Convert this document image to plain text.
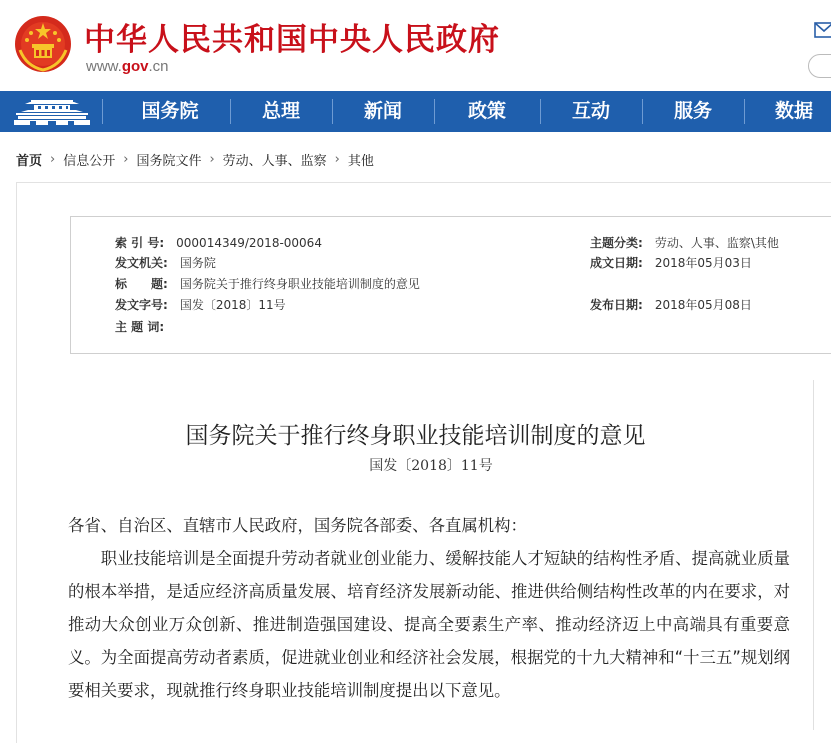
中华人民共和国中央人民政府
www.gov.cn
国务院	总理	新闻	政策	互动	服务	数据
首页 › 信息公开 › 国务院文件 › 劳动、人事、监察 › 其他
索 引 号: 000014349/2018-00064
发文机关: 国务院
标　　题: 国务院关于推行终身职业技能培训制度的意见
发文字号: 国发〔2018〕11号
主 题 词:
主题分类: 劳动、人事、监察\其他
成文日期: 2018年05月03日
发布日期: 2018年05月08日
国务院关于推行终身职业技能培训制度的意见
国发〔2018〕11号

各省、自治区、直辖市人民政府，国务院各部委、各直属机构：

职业技能培训是全面提升劳动者就业创业能力、缓解技能人才短缺的结构性矛盾、提高就业质量的根本举措，是适应经济高质量发展、培育经济发展新动能、推进供给侧结构性改革的内在要求，对推动大众创业万众创新、推进制造强国建设、提高全要素生产率、推动经济迈上中高端具有重要意义。为全面提高劳动者素质，促进就业创业和经济社会发展，根据党的十九大精神和“十三五”规划纲要相关要求，现就推行终身职业技能培训制度提出以下意见。
